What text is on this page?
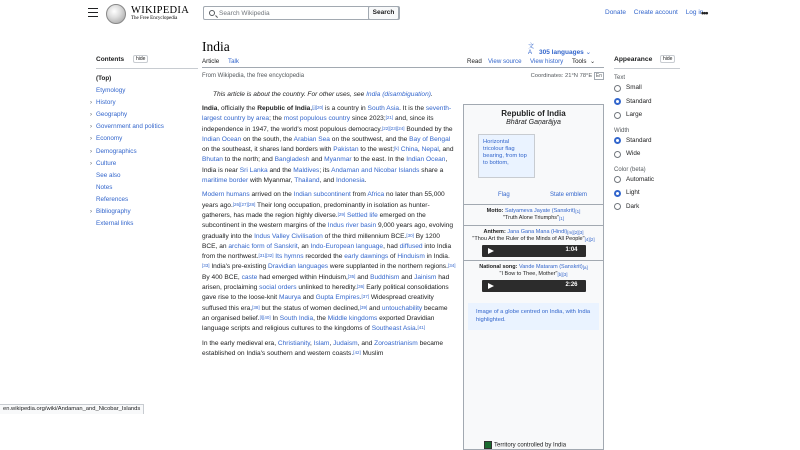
WIKIPEDIA
The Free Encyclopedia
Search Wikipedia
Search	Donate Create account Log in
•••
Contents	hide
(Top)
Etymology
› History
› Geography
› Government and politics
› Economy
› Demographics
› Culture
See also
Notes
References
› Bibliography
External links
India	文A 305 languages ⌄
Article Talk	Read View source View history Tools ⌄
From Wikipedia, the free encyclopedia	Coordinates: 21°N 78°E En
This article is about the country. For other uses, see India (disambiguation).

India, officially the Republic of India,[j][20] is a country in South Asia. It is the seventh-largest country by area; the most populous country since 2023;[21] and, since its independence in 1947, the world's most populous democracy.[22][23][24] Bounded by the Indian Ocean on the south, the Arabian Sea on the southwest, and the Bay of Bengal on the southeast, it shares land borders with Pakistan to the west;[k] China, Nepal, and Bhutan to the north; and Bangladesh and Myanmar to the east. In the Indian Ocean, India is near Sri Lanka and the Maldives; its Andaman and Nicobar Islands share a maritime border with Myanmar, Thailand, and Indonesia.

Modern humans arrived on the Indian subcontinent from Africa no later than 55,000 years ago.[26][27][28] Their long occupation, predominantly in isolation as hunter-gatherers, has made the region highly diverse.[29] Settled life emerged on the subcontinent in the western margins of the Indus river basin 9,000 years ago, evolving gradually into the Indus Valley Civilisation of the third millennium BCE.[30] By 1200 BCE, an archaic form of Sanskrit, an Indo-European language, had diffused into India from the northwest.[31][32] Its hymns recorded the early dawnings of Hinduism in India.[33] India's pre-existing Dravidian languages were supplanted in the northern regions.[34] By 400 BCE, caste had emerged within Hinduism,[35] and Buddhism and Jainism had arisen, proclaiming social orders unlinked to heredity.[36] Early political consolidations gave rise to the loose-knit Maurya and Gupta Empires.[37] Widespread creativity suffused this era,[38] but the status of women declined,[39] and untouchability became an organised belief.[l][40] In South India, the Middle kingdoms exported Dravidian language scripts and religious cultures to the kingdoms of Southeast Asia.[41]

In the early medieval era, Christianity, Islam, Judaism, and Zoroastrianism became established on India's southern and western coasts.[42] Muslim

Republic of India
Bhārat Gaṇarājya
Horizontal tricolour flag bearing, from top to bottom,
Flag	State emblem
Motto: Satyameva Jayate (Sanskrit)[1]
"Truth Alone Triumphs"[1]
Anthem: Jana Gana Mana (Hindi)[m][2][3]
"Thou Art the Ruler of the Minds of All People"[4][2]
1:04
National song: Vande Mataram (Sanskrit)[a]
"I Bow to Thee, Mother"[b][3]
2:26
Image of a globe centred on India, with India highlighted.
Territory controlled by India
Appearance	hide
Text
Small
Standard
Large
Width
Standard
Wide
Color (beta)
Automatic
Light
Dark
en.wikipedia.org/wiki/Andaman_and_Nicobar_Islands
